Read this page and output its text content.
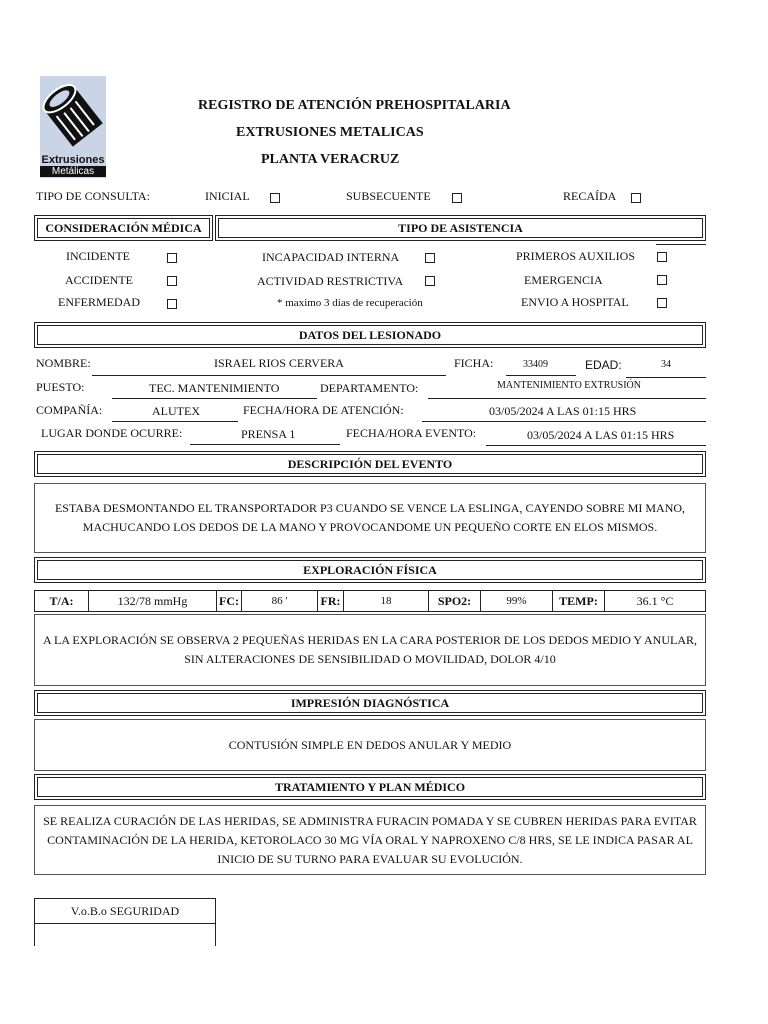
Extrusiones
Metálicas
REGISTRO DE ATENCIÓN PREHOSPITALARIA
EXTRUSIONES METALICAS
PLANTA VERACRUZ
TIPO DE CONSULTA:	INICIAL	SUBSECUENTE	RECAÍDA
CONSIDERACIÓN MÉDICA	TIPO DE ASISTENCIA
INCIDENTE	INCAPACIDAD INTERNA	PRIMEROS AUXILIOS
ACCIDENTE	ACTIVIDAD RESTRICTIVA	EMERGENCIA
ENFERMEDAD	* maximo 3 dias de recuperación	ENVIO A HOSPITAL
DATOS DEL LESIONADO
NOMBRE:	ISRAEL RIOS CERVERA	FICHA:	33409	EDAD:	34
PUESTO:	TEC. MANTENIMIENTO	DEPARTAMENTO:	MANTENIMIENTO EXTRUSIÓN
COMPAÑÍA:	ALUTEX	FECHA/HORA DE ATENCIÓN:	03/05/2024 A LAS 01:15 HRS
LUGAR DONDE OCURRE:	PRENSA 1	FECHA/HORA EVENTO:	03/05/2024 A LAS 01:15 HRS
DESCRIPCIÓN DEL EVENTO
ESTABA DESMONTANDO EL TRANSPORTADOR P3 CUANDO SE VENCE LA ESLINGA, CAYENDO SOBRE MI MANO, MACHUCANDO LOS DEDOS DE LA MANO Y PROVOCANDOME UN PEQUEÑO CORTE EN ELOS MISMOS.
EXPLORACIÓN FÍSICA
T/A:	132/78 mmHg	FC:	86 '	FR:	18	SPO2:	99%	TEMP:	36.1 °C
A LA EXPLORACIÓN SE OBSERVA 2 PEQUEÑAS HERIDAS EN LA CARA POSTERIOR DE LOS DEDOS MEDIO Y ANULAR, SIN ALTERACIONES DE SENSIBILIDAD O MOVILIDAD, DOLOR 4/10
IMPRESIÓN DIAGNÓSTICA
CONTUSIÓN SIMPLE EN DEDOS ANULAR Y MEDIO
TRATAMIENTO Y PLAN MÉDICO
SE REALIZA CURACIÓN DE LAS HERIDAS, SE ADMINISTRA FURACIN POMADA Y SE CUBREN HERIDAS PARA EVITAR CONTAMINACIÓN DE LA HERIDA, KETOROLACO 30 MG VÍA ORAL Y NAPROXENO C/8 HRS, SE LE INDICA PASAR AL INICIO DE SU TURNO PARA EVALUAR SU EVOLUCIÓN.
V.o.B.o SEGURIDAD
